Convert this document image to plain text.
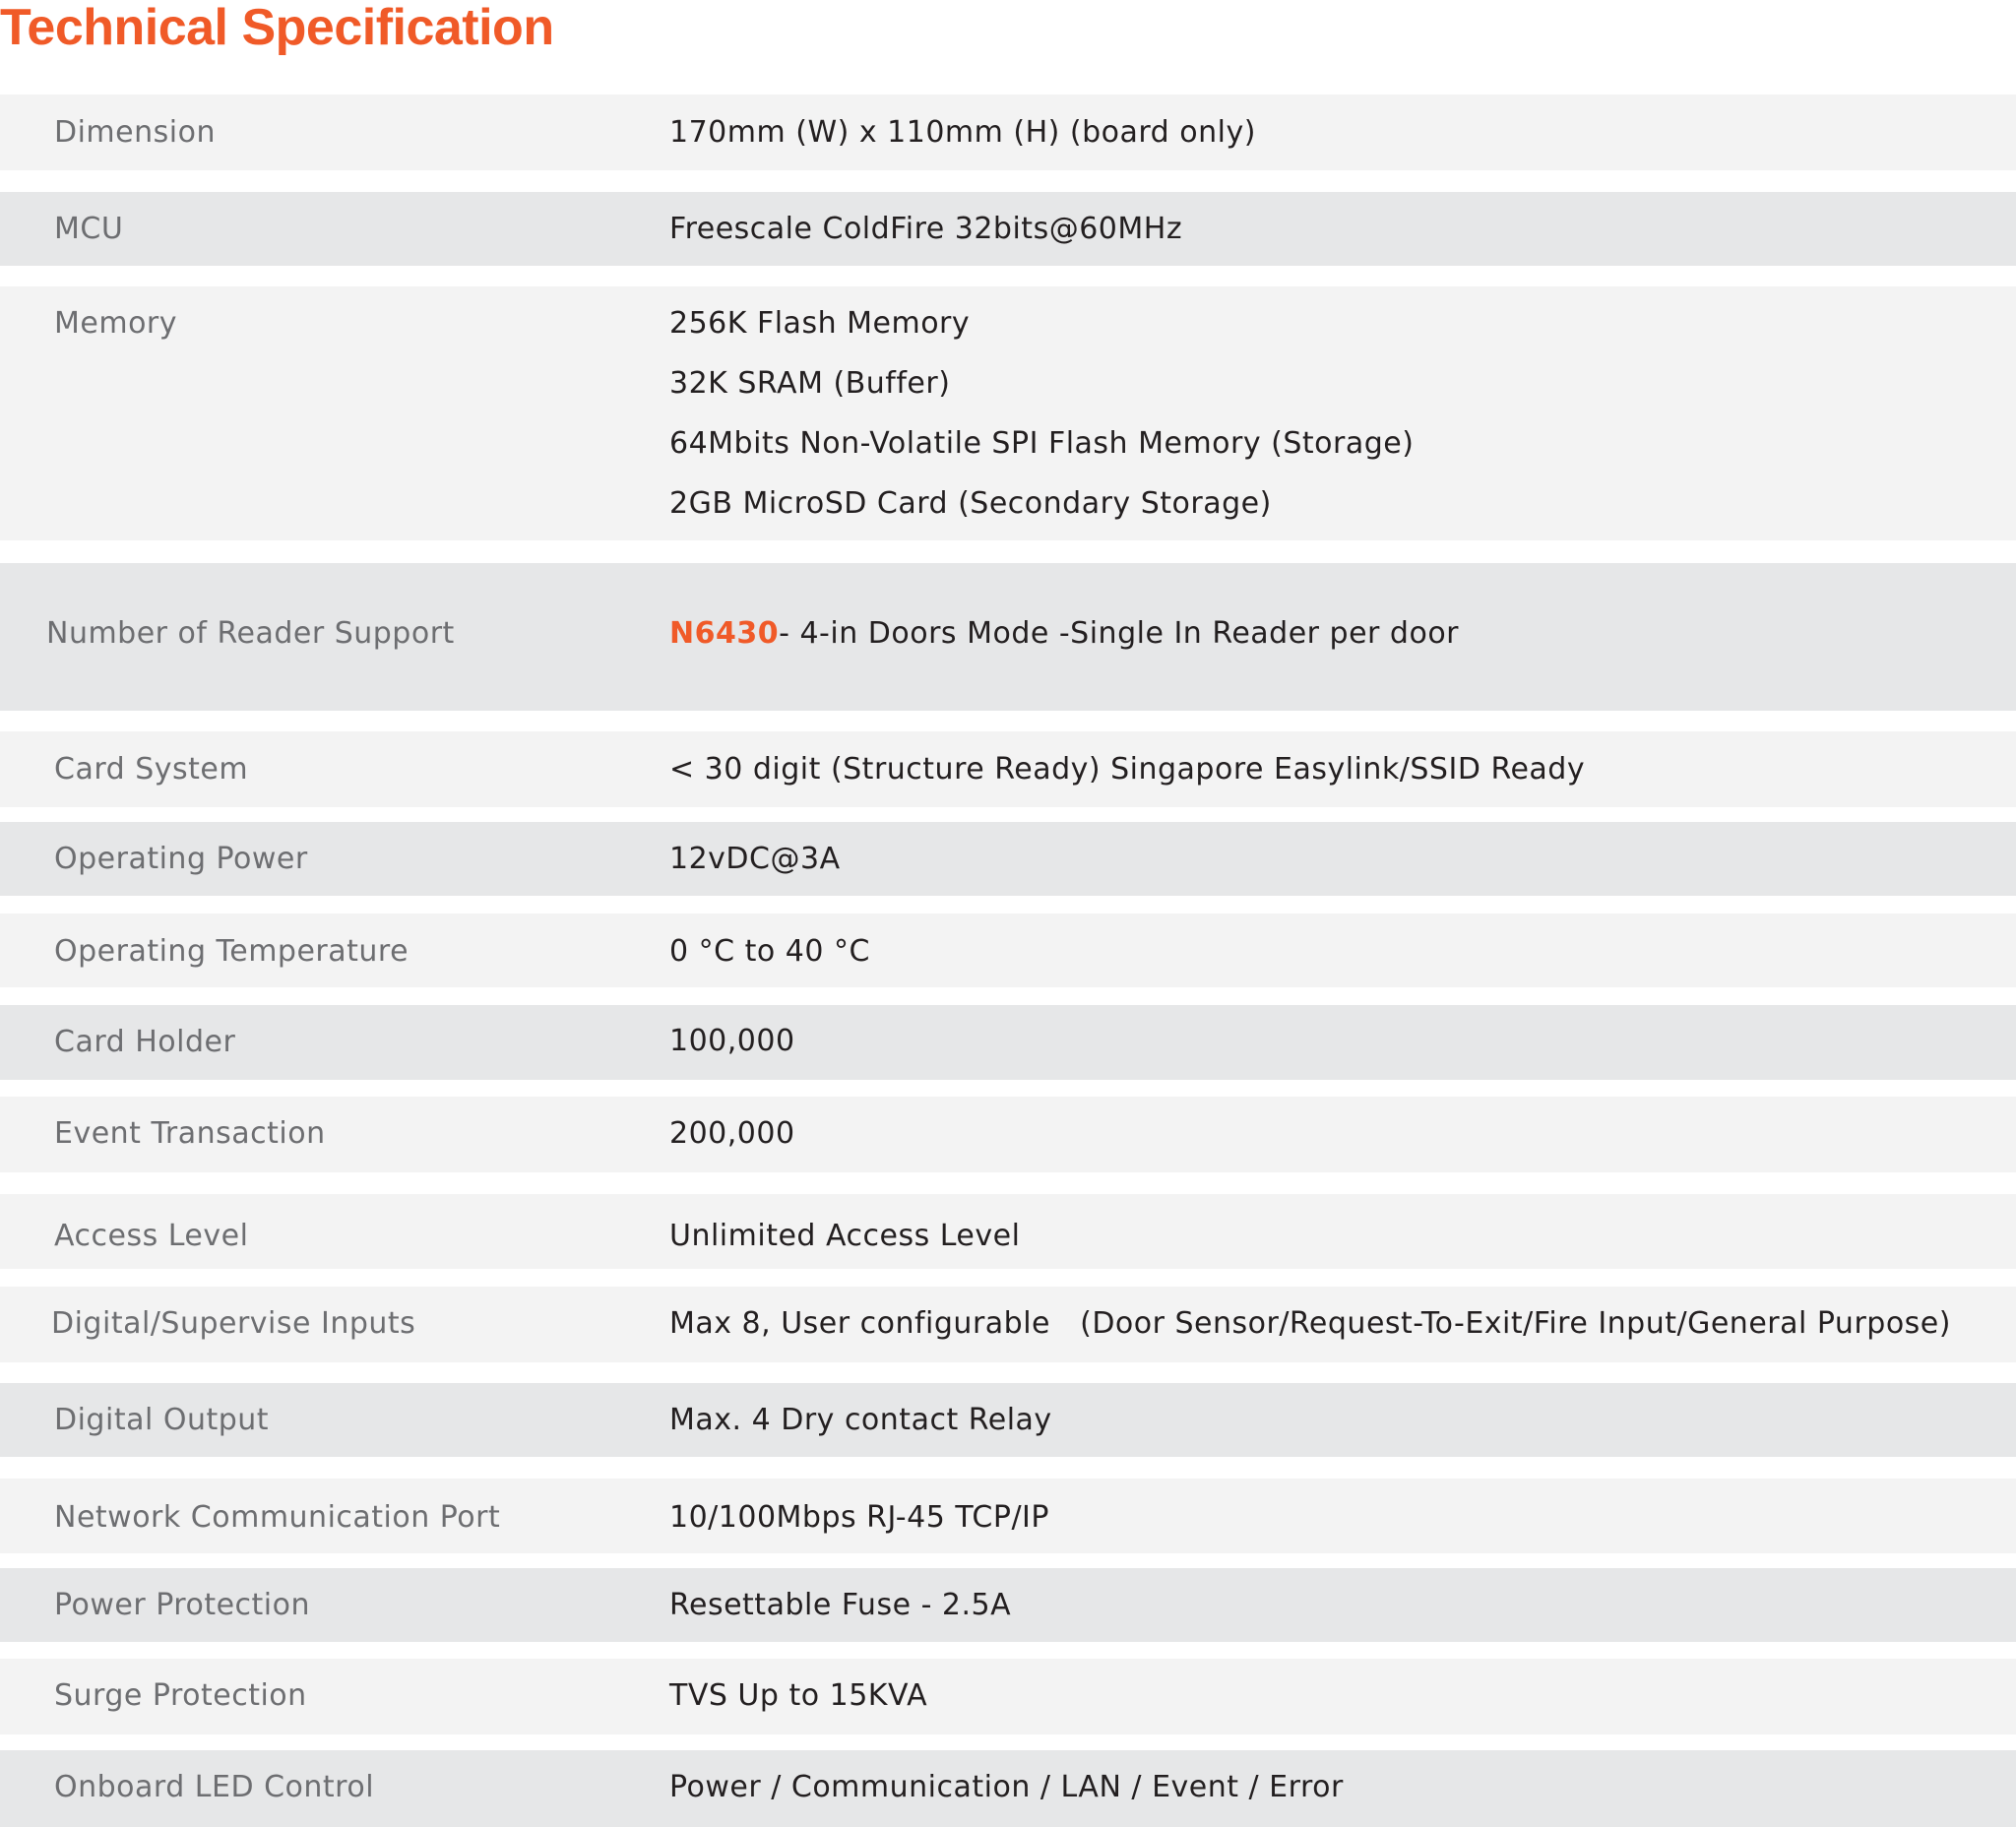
Technical Specification
Dimension	170mm (W) x 110mm (H) (board only)
MCU	Freescale ColdFire 32bits@60MHz
Memory	256K Flash Memory
32K SRAM (Buffer)
64Mbits Non-Volatile SPI Flash Memory (Storage)
2GB MicroSD Card (Secondary Storage)
Number of Reader Support	N6430- 4-in Doors Mode -Single In Reader per door
Card System	< 30 digit (Structure Ready) Singapore Easylink/SSID Ready
Operating Power	12vDC@3A
Operating Temperature	0 °C to 40 °C
Card Holder	100,000
Event Transaction	200,000
Access Level	Unlimited Access Level
Digital/Supervise Inputs	Max 8, User configurable   (Door Sensor/Request-To-Exit/Fire Input/General Purpose)
Digital Output	Max. 4 Dry contact Relay
Network Communication Port	10/100Mbps RJ-45 TCP/IP
Power Protection	Resettable Fuse - 2.5A
Surge Protection	TVS Up to 15KVA
Onboard LED Control	Power / Communication / LAN / Event / Error
